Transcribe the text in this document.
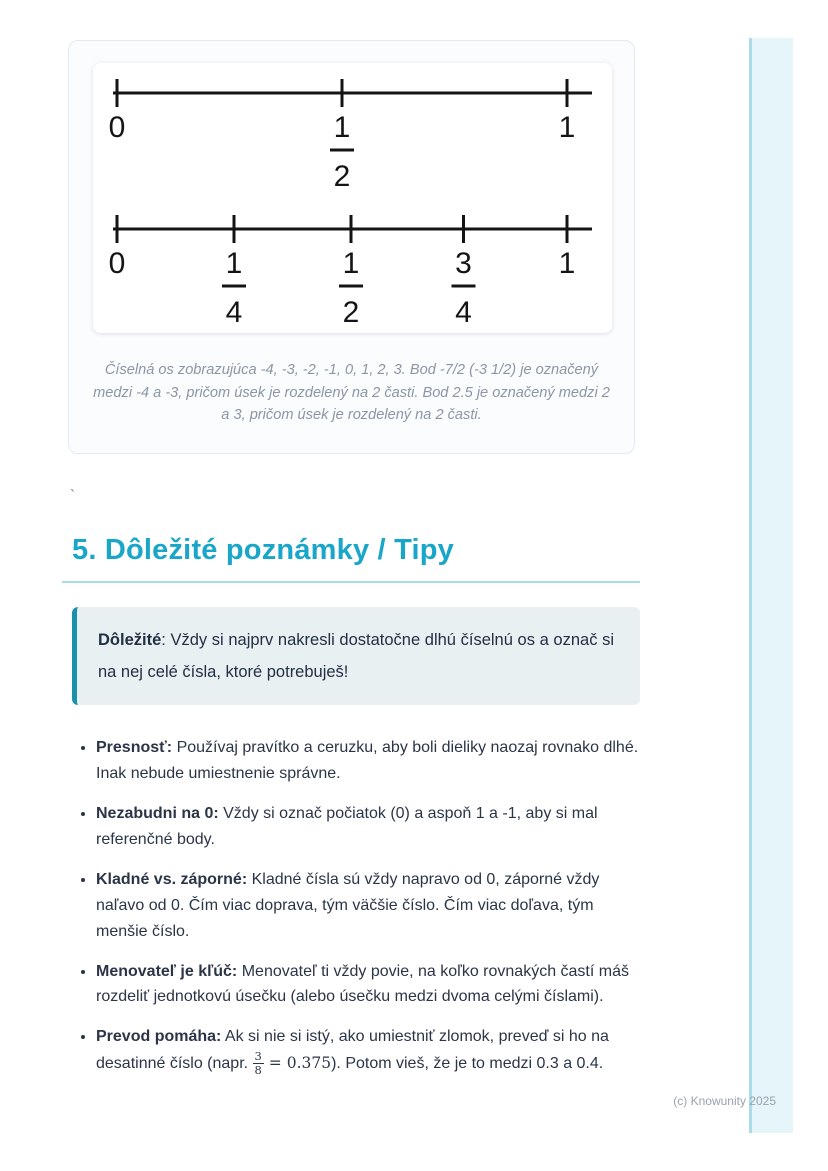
0	1
2
1
0	1
4
1
2
3
4
1
Číselná os zobrazujúca -4, -3, -2, -1, 0, 1, 2, 3. Bod -7/2 (-3 1/2) je označený medzi -4 a -3, pričom úsek je rozdelený na 2 časti. Bod 2.5 je označený medzi 2 a 3, pričom úsek je rozdelený na 2 časti.
`
5. Dôležité poznámky / Tipy
Dôležité: Vždy si najprv nakresli dostatočne dlhú číselnú os a označ si na nej celé čísla, ktoré potrebuješ!
• Presnosť: Používaj pravítko a ceruzku, aby boli dieliky naozaj rovnako dlhé. Inak nebude umiestnenie správne.
• Nezabudni na 0: Vždy si označ počiatok (0) a aspoň 1 a -1, aby si mal referenčné body.
• Kladné vs. záporné: Kladné čísla sú vždy napravo od 0, záporné vždy naľavo od 0. Čím viac doprava, tým väčšie číslo. Čím viac doľava, tým menšie číslo.
• Menovateľ je kľúč: Menovateľ ti vždy povie, na koľko rovnakých častí máš rozdeliť jednotkovú úsečku (alebo úsečku medzi dvoma celými číslami).
• Prevod pomáha: Ak si nie si istý, ako umiestniť zlomok, preveď si ho na desatinné číslo (napr. $\frac{3}{8} = 0.375$). Potom vieš, že je to medzi 0.3 a 0.4.
(c) Knowunity 2025
